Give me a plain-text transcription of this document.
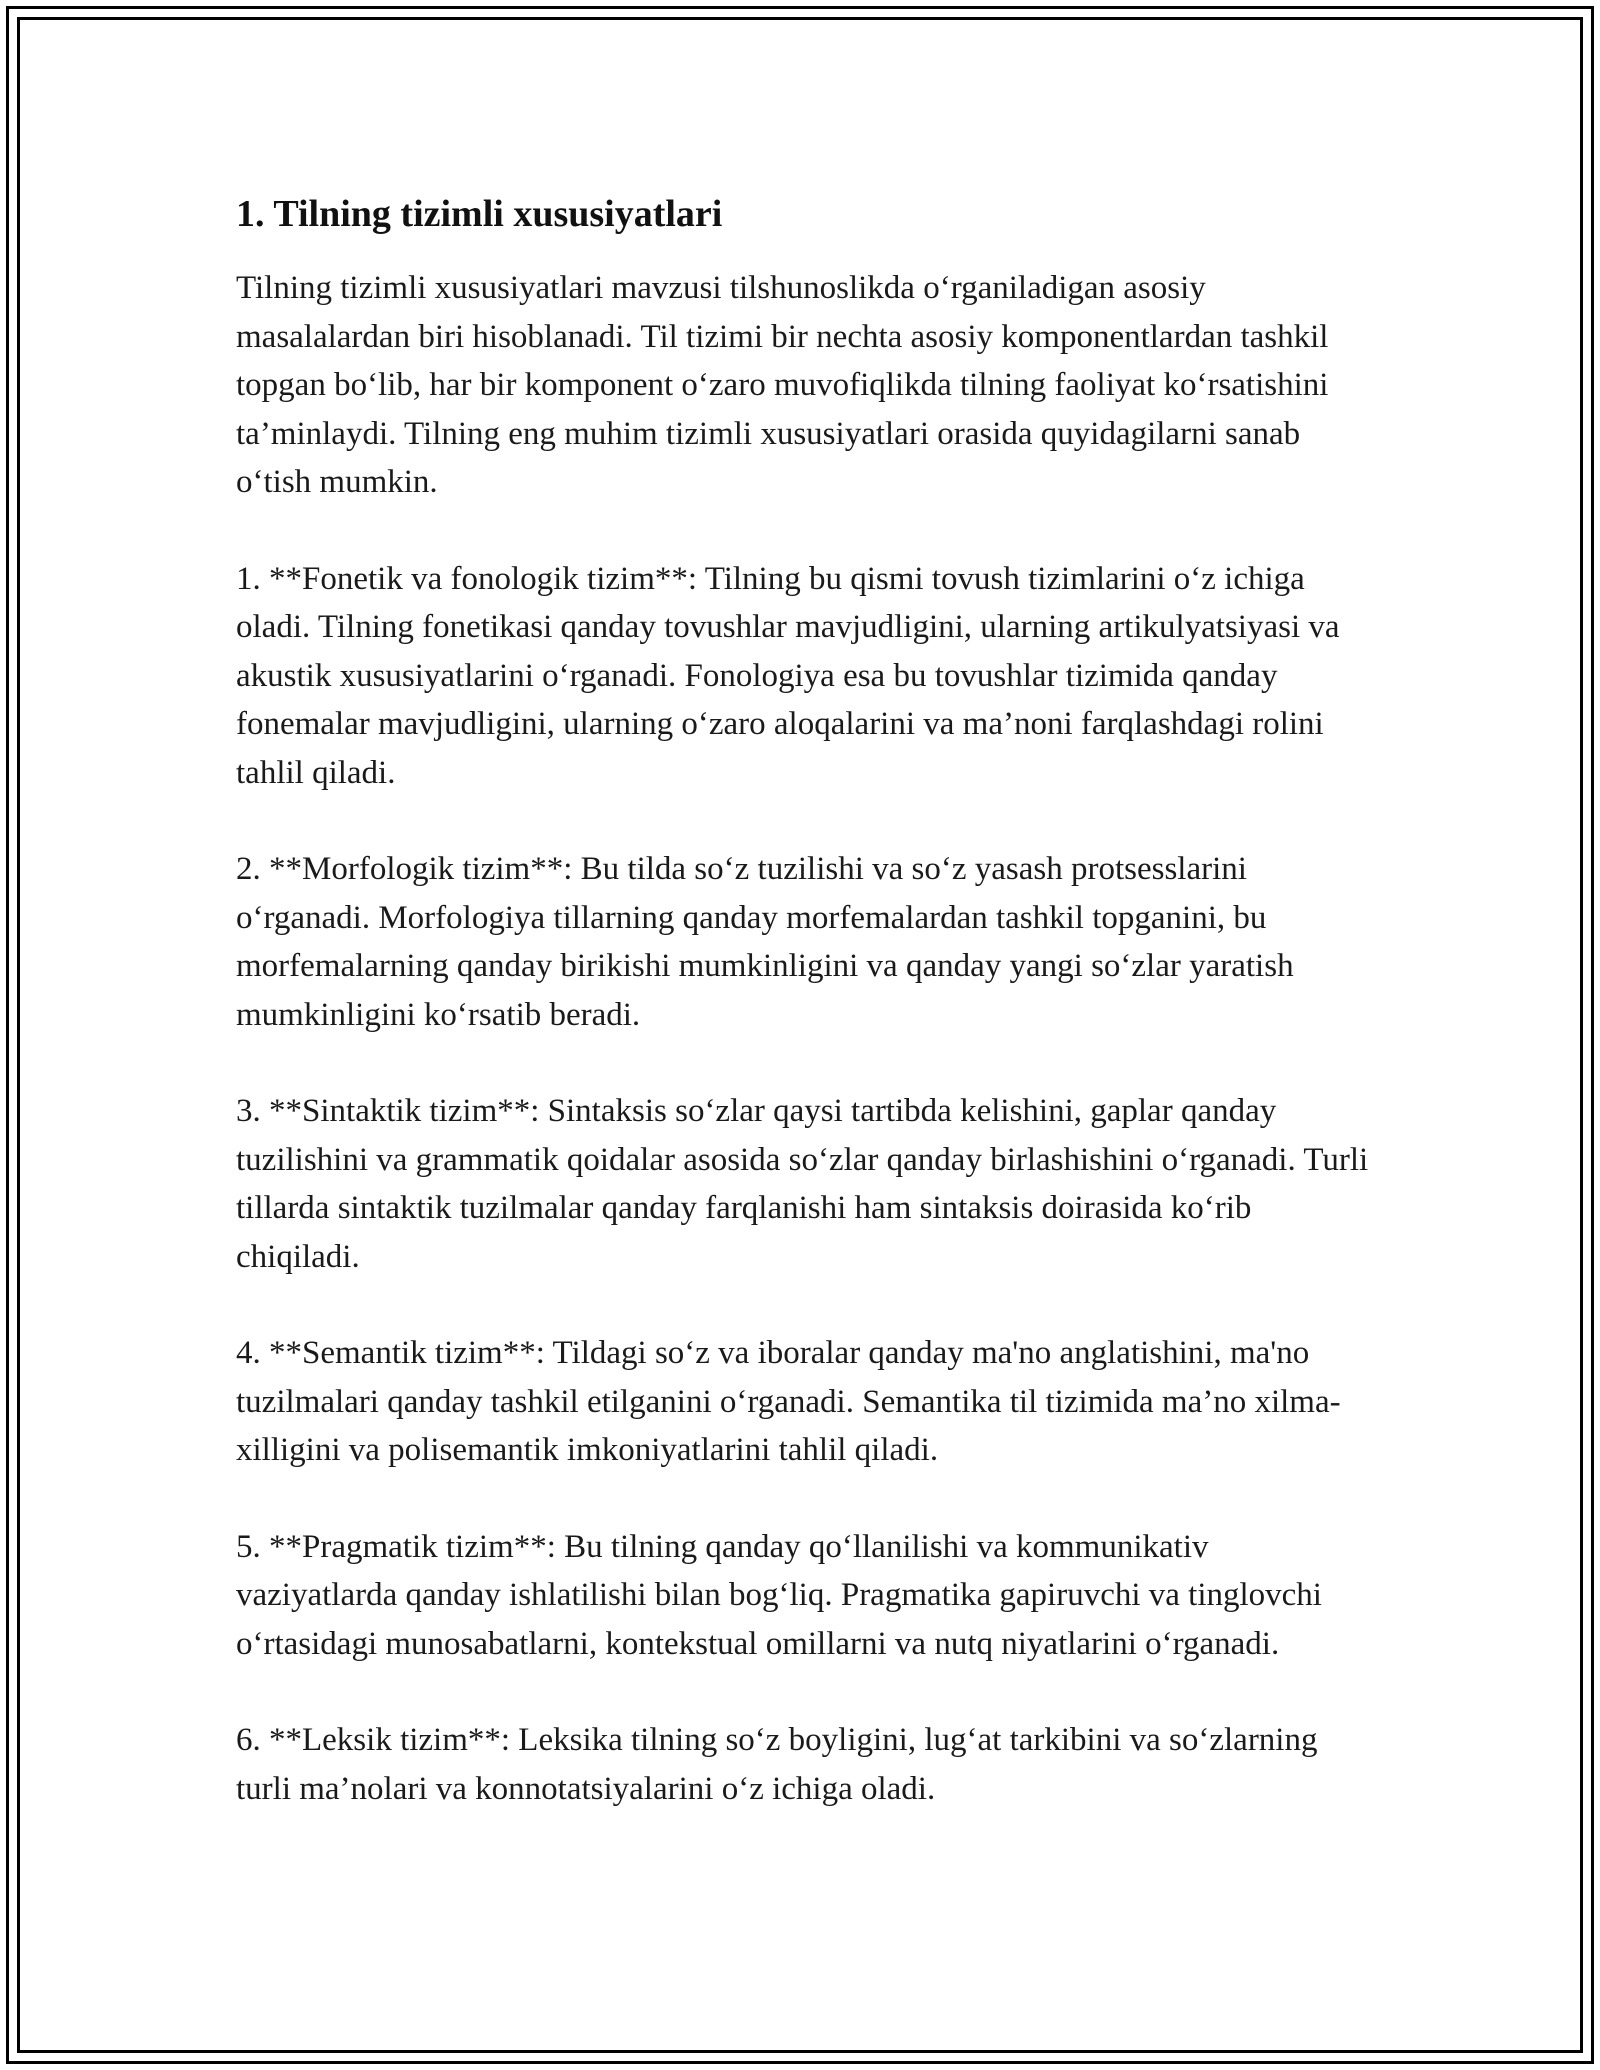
1. Tilning tizimli xususiyatlari

Tilning tizimli xususiyatlari mavzusi tilshunoslikda o‘rganiladigan asosiy masalalardan biri hisoblanadi. Til tizimi bir nechta asosiy komponentlardan tashkil topgan bo‘lib, har bir komponent o‘zaro muvofiqlikda tilning faoliyat ko‘rsatishini ta’minlaydi. Tilning eng muhim tizimli xususiyatlari orasida quyidagilarni sanab o‘tish mumkin.

1. **Fonetik va fonologik tizim**: Tilning bu qismi tovush tizimlarini o‘z ichiga oladi. Tilning fonetikasi qanday tovushlar mavjudligini, ularning artikulyatsiyasi va akustik xususiyatlarini o‘rganadi. Fonologiya esa bu tovushlar tizimida qanday fonemalar mavjudligini, ularning o‘zaro aloqalarini va ma’noni farqlashdagi rolini tahlil qiladi.

2. **Morfologik tizim**: Bu tilda so‘z tuzilishi va so‘z yasash protsesslarini o‘rganadi. Morfologiya tillarning qanday morfemalardan tashkil topganini, bu morfemalarning qanday birikishi mumkinligini va qanday yangi so‘zlar yaratish mumkinligini ko‘rsatib beradi.

3. **Sintaktik tizim**: Sintaksis so‘zlar qaysi tartibda kelishini, gaplar qanday tuzilishini va grammatik qoidalar asosida so‘zlar qanday birlashishini o‘rganadi. Turli tillarda sintaktik tuzilmalar qanday farqlanishi ham sintaksis doirasida ko‘rib chiqiladi.

4. **Semantik tizim**: Tildagi so‘z va iboralar qanday ma'no anglatishini, ma'no tuzilmalari qanday tashkil etilganini o‘rganadi. Semantika til tizimida ma’no xilma-xilligini va polisemantik imkoniyatlarini tahlil qiladi.

5. **Pragmatik tizim**: Bu tilning qanday qo‘llanilishi va kommunikativ vaziyatlarda qanday ishlatilishi bilan bog‘liq. Pragmatika gapiruvchi va tinglovchi o‘rtasidagi munosabatlarni, kontekstual omillarni va nutq niyatlarini o‘rganadi.

6. **Leksik tizim**: Leksika tilning so‘z boyligini, lug‘at tarkibini va so‘zlarning turli ma’nolari va konnotatsiyalarini o‘z ichiga oladi.
